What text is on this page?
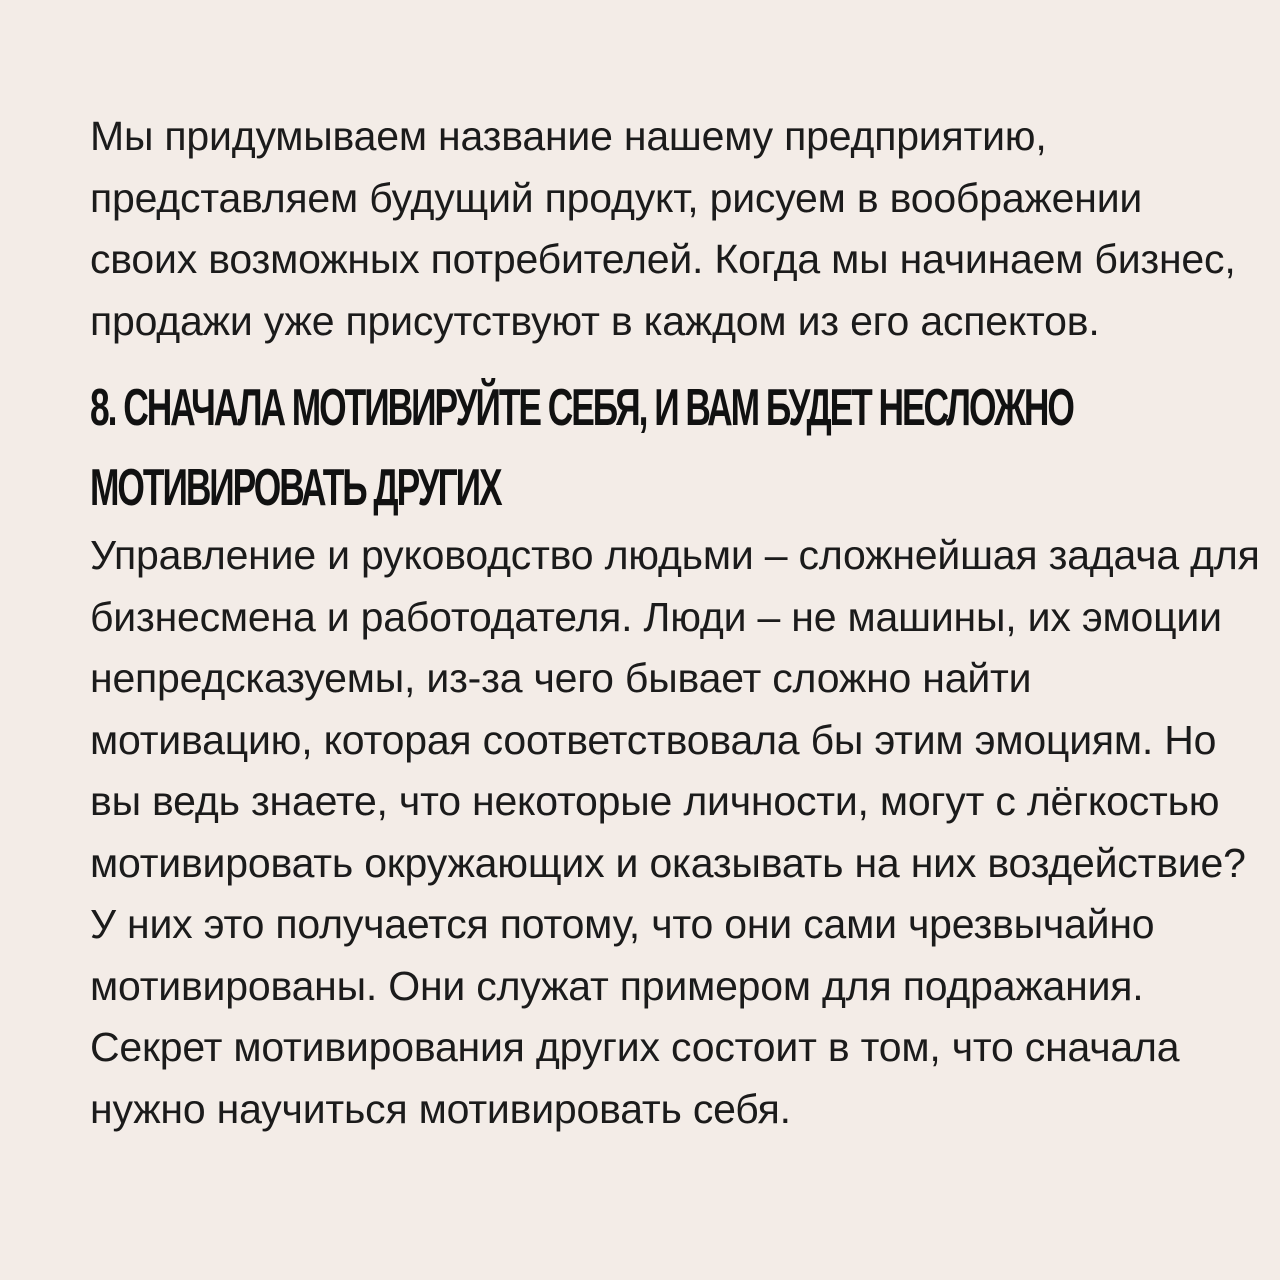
Мы придумываем название нашему предприятию, представляем будущий продукт, рисуем в воображении своих возможных потребителей. Когда мы начинаем бизнес, продажи уже присутствуют в каждом из его аспектов.

8. СНАЧАЛА МОТИВИРУЙТЕ СЕБЯ, И ВАМ БУДЕТ НЕСЛОЖНО МОТИВИРОВАТЬ ДРУГИХ

Управление и руководство людьми – сложнейшая задача для бизнесмена и работодателя. Люди – не машины, их эмоции непредсказуемы, из-за чего бывает сложно найти мотивацию, которая соответствовала бы этим эмоциям. Но вы ведь знаете, что некоторые личности, могут с лёгкостью мотивировать окружающих и оказывать на них воздействие? У них это получается потому, что они сами чрезвычайно мотивированы. Они служат примером для подражания. Секрет мотивирования других состоит в том, что сначала нужно научиться мотивировать себя.
